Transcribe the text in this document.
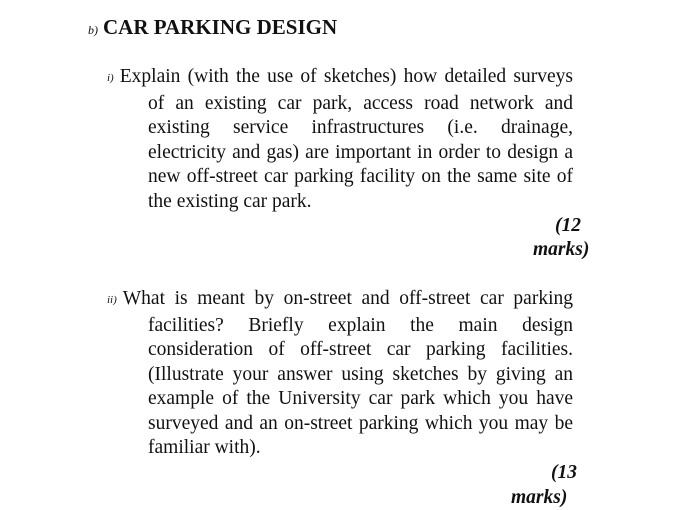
b) CAR PARKING DESIGN
i) Explain (with the use of sketches) how detailed surveys of an existing car park, access road network and existing service infrastructures (i.e. drainage, electricity and gas) are important in order to design a new off-street car parking facility on the same site of the existing car park.
(12
marks)
ii) What is meant by on-street and off-street car parking facilities? Briefly explain the main design consideration of off-street car parking facilities. (Illustrate your answer using sketches by giving an example of the University car park which you have surveyed and an on-street parking which you may be familiar with).
(13
marks)
